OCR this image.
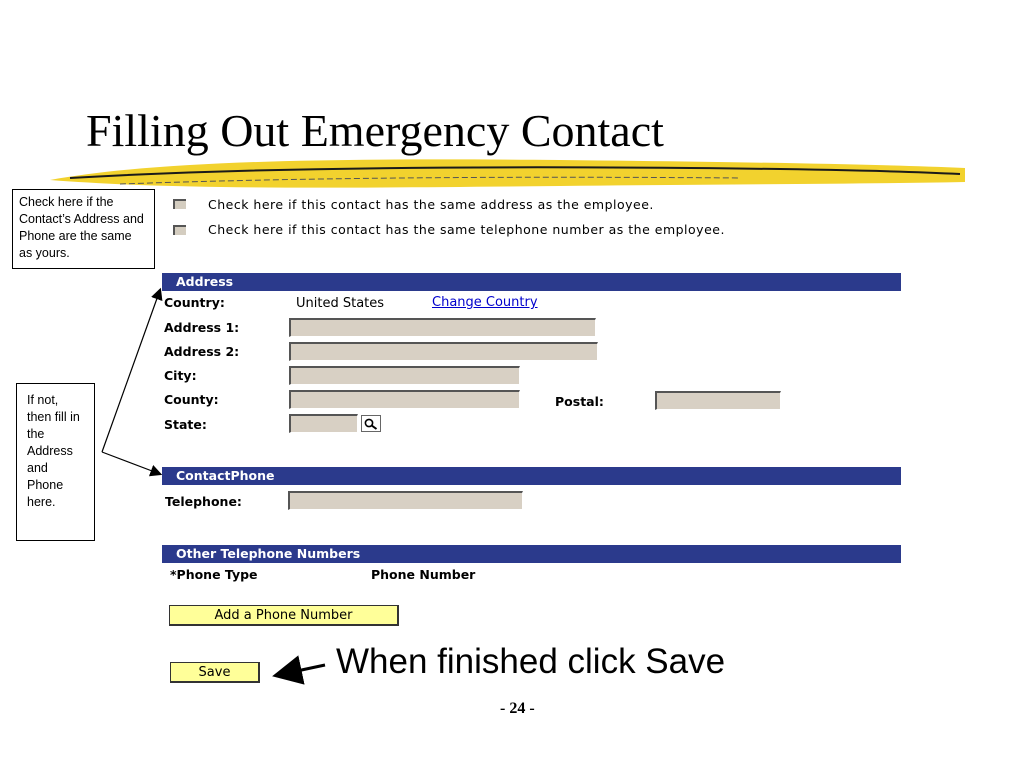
Filling Out Emergency Contact
Check here if the Contact’s Address and Phone are the same as yours.
If not, then fill in the Address and Phone here.
Check here if this contact has the same address as the employee.
Check here if this contact has the same telephone number as the employee.
Address
Country:	United States	Change Country
Address 1:
Address 2:
City:
County:	Postal:
State:
ContactPhone
Telephone:
Other Telephone Numbers
*Phone Type	Phone Number
Add a Phone Number
Save	When finished click Save
- 24 -
